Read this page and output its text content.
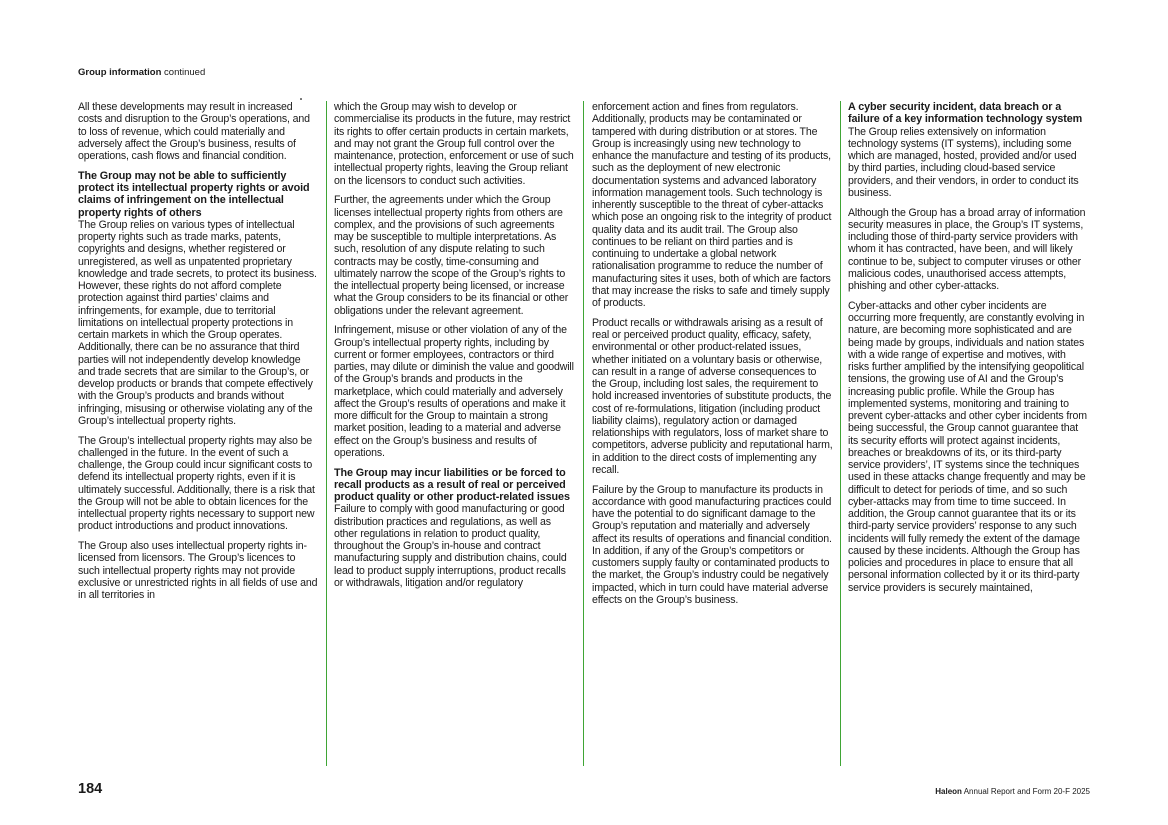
Group information continued

All these developments may result in increased costs and disruption to the Group’s operations, and to loss of revenue, which could materially and adversely affect the Group’s business, results of operations, cash flows and financial condition.

The Group may not be able to sufficiently protect its intellectual property rights or avoid claims of infringement on the intellectual property rights of others

The Group relies on various types of intellectual property rights such as trade marks, patents, copyrights and designs, whether registered or unregistered, as well as unpatented proprietary knowledge and trade secrets, to protect its business. However, these rights do not afford complete protection against third parties’ claims and infringements, for example, due to territorial limitations on intellectual property protections in certain markets in which the Group operates. Additionally, there can be no assurance that third parties will not independently develop knowledge and trade secrets that are similar to the Group’s, or develop products or brands that compete effectively with the Group’s products and brands without infringing, misusing or otherwise violating any of the Group’s intellectual property rights.

The Group’s intellectual property rights may also be challenged in the future. In the event of such a challenge, the Group could incur significant costs to defend its intellectual property rights, even if it is ultimately successful. Additionally, there is a risk that the Group will not be able to obtain licences for the intellectual property rights necessary to support new product introductions and product innovations.

The Group also uses intellectual property rights in-licensed from licensors. The Group’s licences to such intellectual property rights may not provide exclusive or unrestricted rights in all fields of use and in all territories in

which the Group may wish to develop or commercialise its products in the future, may restrict its rights to offer certain products in certain markets, and may not grant the Group full control over the maintenance, protection, enforcement or use of such intellectual property rights, leaving the Group reliant on the licensors to conduct such activities.

Further, the agreements under which the Group licenses intellectual property rights from others are complex, and the provisions of such agreements may be susceptible to multiple interpretations. As such, resolution of any dispute relating to such contracts may be costly, time-consuming and ultimately narrow the scope of the Group’s rights to the intellectual property being licensed, or increase what the Group considers to be its financial or other obligations under the relevant agreement.

Infringement, misuse or other violation of any of the Group’s intellectual property rights, including by current or former employees, contractors or third parties, may dilute or diminish the value and goodwill of the Group’s brands and products in the marketplace, which could materially and adversely affect the Group’s results of operations and make it more difficult for the Group to maintain a strong market position, leading to a material and adverse effect on the Group’s business and results of operations.

The Group may incur liabilities or be forced to recall products as a result of real or perceived product quality or other product-related issues

Failure to comply with good manufacturing or good distribution practices and regulations, as well as other regulations in relation to product quality, throughout the Group’s in-house and contract manufacturing supply and distribution chains, could lead to product supply interruptions, product recalls or withdrawals, litigation and/or regulatory

enforcement action and fines from regulators. Additionally, products may be contaminated or tampered with during distribution or at stores. The Group is increasingly using new technology to enhance the manufacture and testing of its products, such as the deployment of new electronic documentation systems and advanced laboratory information management tools. Such technology is inherently susceptible to the threat of cyber-attacks which pose an ongoing risk to the integrity of product quality data and its audit trail. The Group also continues to be reliant on third parties and is continuing to undertake a global network rationalisation programme to reduce the number of manufacturing sites it uses, both of which are factors that may increase the risks to safe and timely supply of products.

Product recalls or withdrawals arising as a result of real or perceived product quality, efficacy, safety, environmental or other product-related issues, whether initiated on a voluntary basis or otherwise, can result in a range of adverse consequences to the Group, including lost sales, the requirement to hold increased inventories of substitute products, the cost of re-formulations, litigation (including product liability claims), regulatory action or damaged relationships with regulators, loss of market share to competitors, adverse publicity and reputational harm, in addition to the direct costs of implementing any recall.

Failure by the Group to manufacture its products in accordance with good manufacturing practices could have the potential to do significant damage to the Group’s reputation and materially and adversely affect its results of operations and financial condition. In addition, if any of the Group’s competitors or customers supply faulty or contaminated products to the market, the Group’s industry could be negatively impacted, which in turn could have material adverse effects on the Group’s business.

A cyber security incident, data breach or a failure of a key information technology system

The Group relies extensively on information technology systems (IT systems), including some which are managed, hosted, provided and/or used by third parties, including cloud-based service providers, and their vendors, in order to conduct its business.

Although the Group has a broad array of information security measures in place, the Group’s IT systems, including those of third-party service providers with whom it has contracted, have been, and will likely continue to be, subject to computer viruses or other malicious codes, unauthorised access attempts, phishing and other cyber-attacks.

Cyber-attacks and other cyber incidents are occurring more frequently, are constantly evolving in nature, are becoming more sophisticated and are being made by groups, individuals and nation states with a wide range of expertise and motives, with risks further amplified by the intensifying geopolitical tensions, the growing use of AI and the Group’s increasing public profile. While the Group has implemented systems, monitoring and training to prevent cyber-attacks and other cyber incidents from being successful, the Group cannot guarantee that its security efforts will protect against incidents, breaches or breakdowns of its, or its third-party service providers’, IT systems since the techniques used in these attacks change frequently and may be difficult to detect for periods of time, and so such cyber-attacks may from time to time succeed. In addition, the Group cannot guarantee that its or its third-party service providers’ response to any such incidents will fully remedy the extent of the damage caused by these incidents. Although the Group has policies and procedures in place to ensure that all personal information collected by it or its third-party service providers is securely maintained,

184	Haleon Annual Report and Form 20-F 2025
